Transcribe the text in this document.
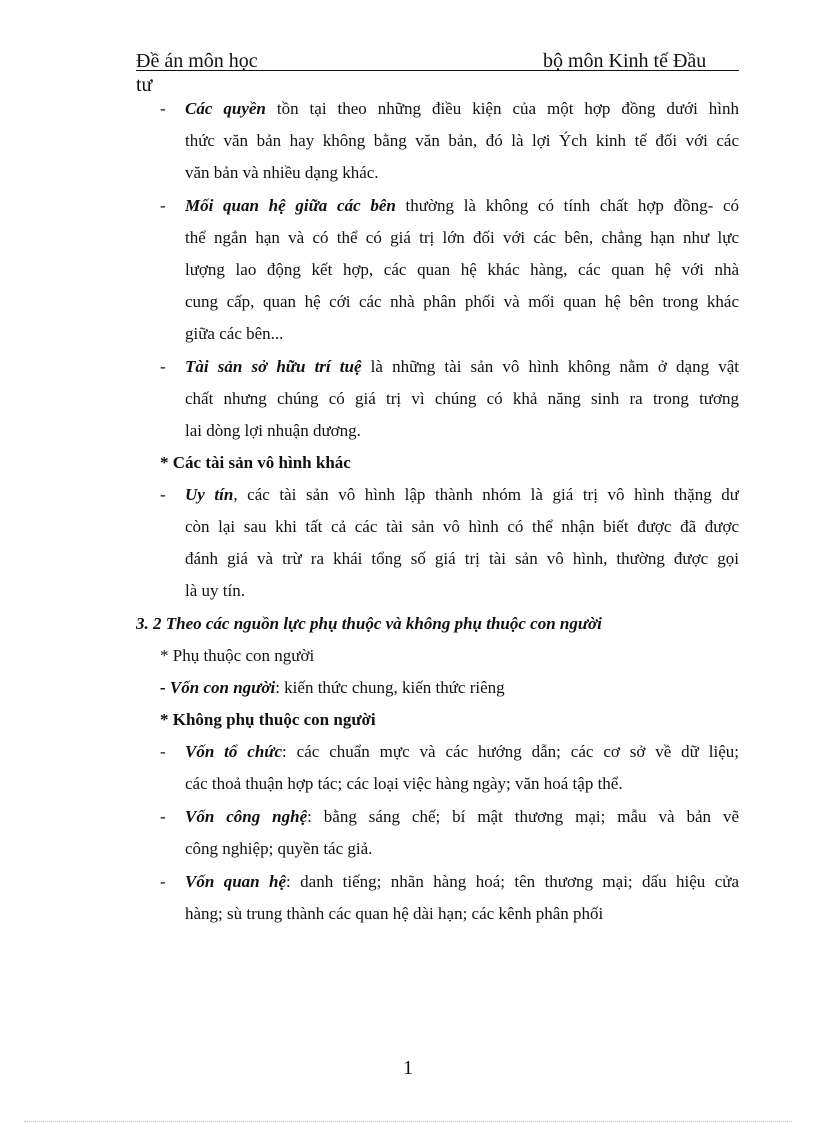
Đề án môn học	bộ môn Kinh tế Đầu
tư
- Các quyền tồn tại theo những điều kiện của một hợp đồng dưới hình
thức văn bản hay không bằng văn bản, đó là lợi Ých kinh tế đối với các
văn bản và nhiều dạng khác.
- Mối quan hệ giữa các bên thường là không có tính chất hợp đồng- có
thể ngắn hạn và có thể có giá trị lớn đối với các bên, chẳng hạn như lực
lượng lao động kết hợp, các quan hệ khác hàng, các quan hệ với nhà
cung cấp, quan hệ cới các nhà phân phối và mối quan hệ bên trong khác
giữa các bên...
- Tài sản sở hữu trí tuệ là những tài sản vô hình không nằm ở dạng vật
chất nhưng chúng có giá trị vì chúng có khả năng sinh ra trong tương
lai dòng lợi nhuận dương.
* Các tài sản vô hình khác
- Uy tín, các tài sản vô hình lập thành nhóm là giá trị vô hình thặng dư
còn lại sau khi tất cả các tài sản vô hình có thể nhận biết được đã được
đánh giá và trừ ra khái tổng số giá trị tài sản vô hình, thường được gọi
là uy tín.
3. 2 Theo các nguồn lực phụ thuộc và không phụ thuộc con người
* Phụ thuộc con người
- Vốn con người: kiến thức chung, kiến thức riêng
* Không phụ thuộc con người
- Vốn tổ chức: các chuẩn mực và các hướng dẫn; các cơ sở về dữ liệu;
các thoả thuận hợp tác; các loại việc hàng ngày; văn hoá tập thể.
- Vốn công nghệ: bằng sáng chế; bí mật thương mại; mẫu và bản vẽ
công nghiệp; quyền tác giả.
- Vốn quan hệ: danh tiếng; nhãn hàng hoá; tên thương mại; dấu hiệu cửa
hàng; sù trung thành các quan hệ dài hạn; các kênh phân phối
1
